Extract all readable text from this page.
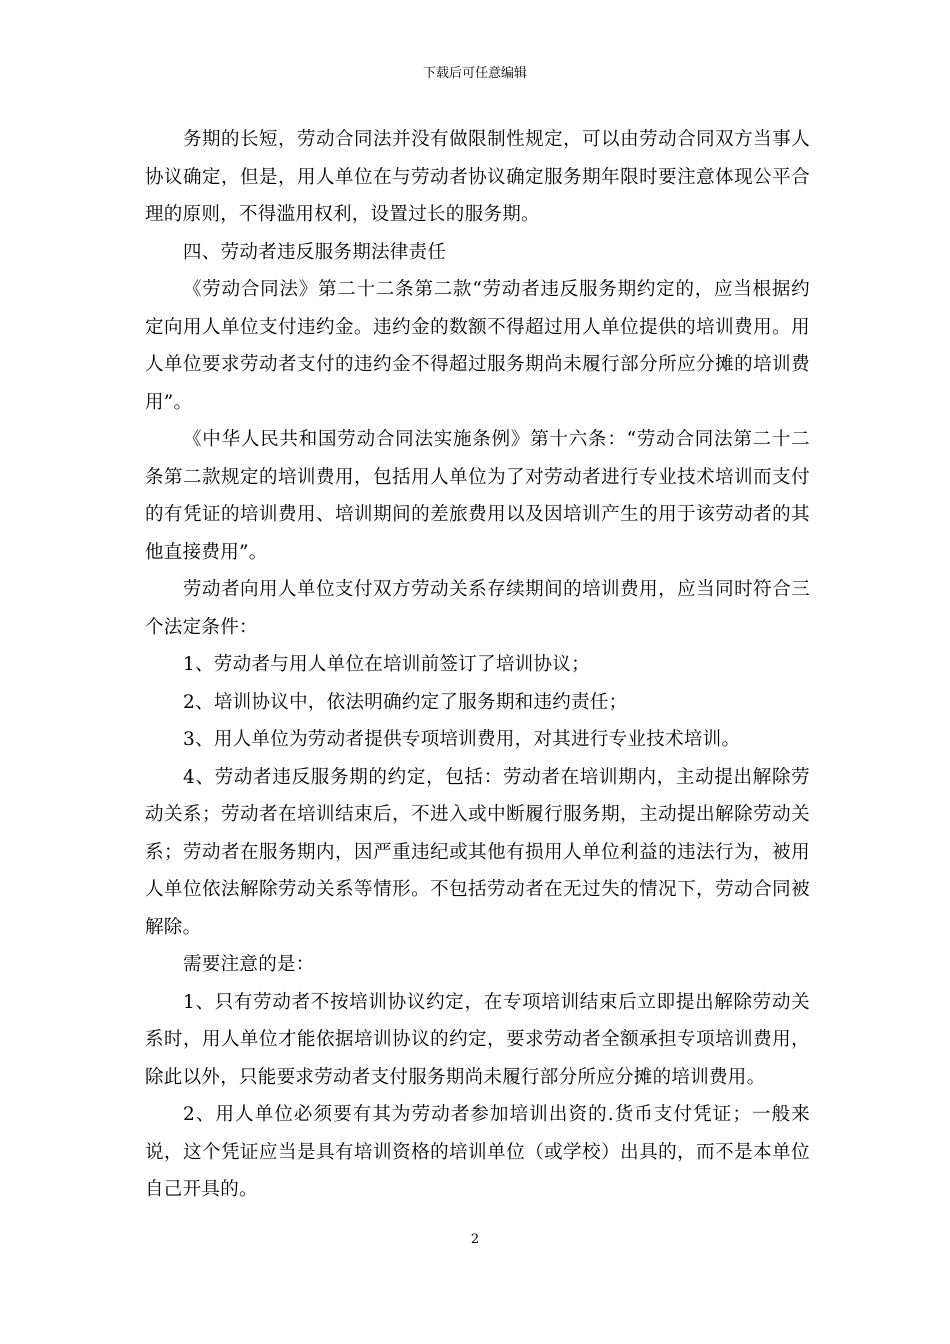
下载后可任意编辑

务期的长短，劳动合同法并没有做限制性规定，可以由劳动合同双方当事人协议确定，但是，用人单位在与劳动者协议确定服务期年限时要注意体现公平合理的原则，不得滥用权利，设置过长的服务期。

四、劳动者违反服务期法律责任

《劳动合同法》第二十二条第二款“劳动者违反服务期约定的，应当根据约定向用人单位支付违约金。违约金的数额不得超过用人单位提供的培训费用。用人单位要求劳动者支付的违约金不得超过服务期尚未履行部分所应分摊的培训费用”。

《中华人民共和国劳动合同法实施条例》第十六条：“劳动合同法第二十二条第二款规定的培训费用，包括用人单位为了对劳动者进行专业技术培训而支付的有凭证的培训费用、培训期间的差旅费用以及因培训产生的用于该劳动者的其他直接费用”。

劳动者向用人单位支付双方劳动关系存续期间的培训费用，应当同时符合三个法定条件：

1、劳动者与用人单位在培训前签订了培训协议；

2、培训协议中，依法明确约定了服务期和违约责任；

3、用人单位为劳动者提供专项培训费用，对其进行专业技术培训。

4、劳动者违反服务期的约定，包括：劳动者在培训期内，主动提出解除劳动关系；劳动者在培训结束后，不进入或中断履行服务期，主动提出解除劳动关系；劳动者在服务期内，因严重违纪或其他有损用人单位利益的违法行为，被用人单位依法解除劳动关系等情形。不包括劳动者在无过失的情况下，劳动合同被解除。

需要注意的是：

1、只有劳动者不按培训协议约定，在专项培训结束后立即提出解除劳动关系时，用人单位才能依据培训协议的约定，要求劳动者全额承担专项培训费用，除此以外，只能要求劳动者支付服务期尚未履行部分所应分摊的培训费用。

2、用人单位必须要有其为劳动者参加培训出资的.货币支付凭证；一般来说，这个凭证应当是具有培训资格的培训单位（或学校）出具的，而不是本单位自己开具的。

2
